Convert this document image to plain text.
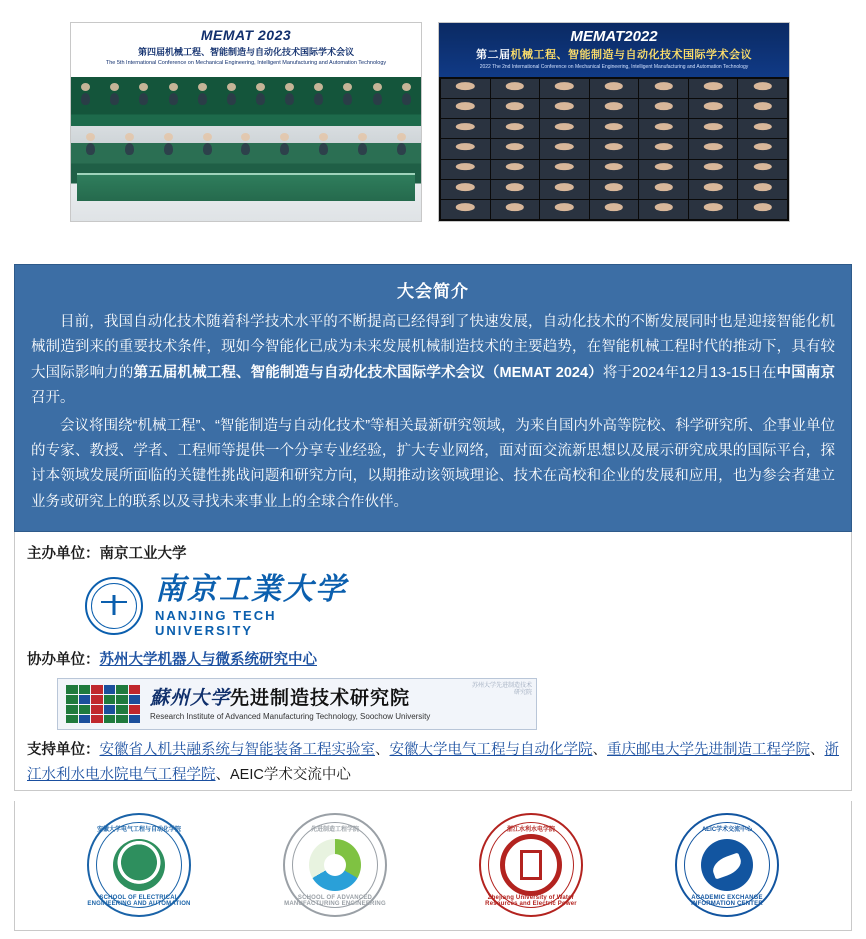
MEMAT 2023
第四届机械工程、智能制造与自动化技术国际学术会议
The 5th International Conference on Mechanical Engineering, Intelligent Manufacturing and Automation Technology
MEMAT2022
第二届机械工程、智能制造与自动化技术国际学术会议
2022 The 2nd International Conference on Mechanical Engineering, Intelligent Manufacturing and Automation Technology
大会简介

目前，我国自动化技术随着科学技术水平的不断提高已经得到了快速发展，自动化技术的不断发展同时也是迎接智能化机械制造到来的重要技术条件，现如今智能化已成为未来发展机械制造技术的主要趋势，在智能机械工程时代的推动下，具有较大国际影响力的第五届机械工程、智能制造与自动化技术国际学术会议（MEMAT 2024）将于2024年12月13-15日在中国南京召开。

会议将围绕“机械工程”、“智能制造与自动化技术”等相关最新研究领域，为来自国内外高等院校、科学研究所、企事业单位的专家、教授、学者、工程师等提供一个分享专业经验，扩大专业网络，面对面交流新思想以及展示研究成果的国际平台，探讨本领域发展所面临的关键性挑战问题和研究方向，以期推动该领域理论、技术在高校和企业的发展和应用，也为参会者建立业务或研究上的联系以及寻找未来事业上的全球合作伙伴。

主办单位：南京工业大学
南京工業大学
NANJING TECH
UNIVERSITY
协办单位：苏州大学机器人与微系统研究中心
蘇州大学先进制造技术研究院
Research Institute of Advanced Manufacturing Technology, Soochow University
苏州大学先进制造技术研究院
支持单位：安徽省人机共融系统与智能装备工程实验室、安徽大学电气工程与自动化学院、重庆邮电大学先进制造工程学院、浙江水利水电水院电气工程学院、AEIC学术交流中心
安徽大学电气工程与自动化学院
SCHOOL OF ELECTRICAL ENGINEERING AND AUTOMATION
先进制造工程学院
SCHOOL OF ADVANCED MANUFACTURING ENGINEERING
浙江水利水电学院
Zhejiang University of Water Resources and Electric Power
AEIC学术交流中心
ACADEMIC EXCHANGE INFORMATION CENTER
